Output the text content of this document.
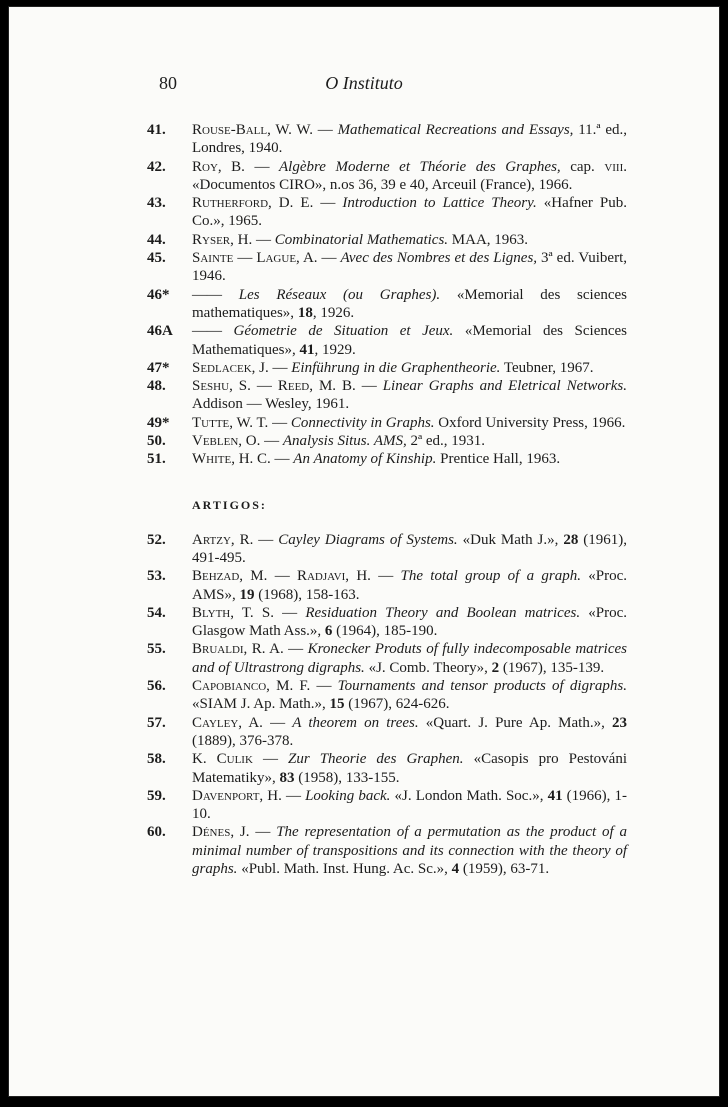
80	O Instituto
41.	Rouse-Ball, W. W. — Mathematical Recreations and Essays, 11.ª ed., Londres, 1940.
42.	Roy, B. — Algèbre Moderne et Théorie des Graphes, cap. viii. «Documentos CIRO», n.os 36, 39 e 40, Arceuil (France), 1966.
43.	Rutherford, D. E. — Introduction to Lattice Theory. «Hafner Pub. Co.», 1965.
44.	Ryser, H. — Combinatorial Mathematics. MAA, 1963.
45.	Sainte — Lague, A. — Avec des Nombres et des Lignes, 3ª ed. Vuibert, 1946.
46*	—— Les Réseaux (ou Graphes). «Memorial des sciences mathematiques», 18, 1926.
46A	—— Géometrie de Situation et Jeux. «Memorial des Sciences Mathematiques», 41, 1929.
47*	Sedlacek, J. — Einführung in die Graphentheorie. Teubner, 1967.
48.	Seshu, S. — Reed, M. B. — Linear Graphs and Eletrical Networks. Addison — Wesley, 1961.
49*	Tutte, W. T. — Connectivity in Graphs. Oxford University Press, 1966.
50.	Veblen, O. — Analysis Situs. AMS, 2ª ed., 1931.
51.	White, H. C. — An Anatomy of Kinship. Prentice Hall, 1963.
ARTIGOS:
52.	Artzy, R. — Cayley Diagrams of Systems. «Duk Math J.», 28 (1961), 491-495.
53.	Behzad, M. — Radjavi, H. — The total group of a graph. «Proc. AMS», 19 (1968), 158-163.
54.	Blyth, T. S. — Residuation Theory and Boolean matrices. «Proc. Glasgow Math Ass.», 6 (1964), 185-190.
55.	Brualdi, R. A. — Kronecker Produts of fully indecomposable matrices and of Ultrastrong digraphs. «J. Comb. Theory», 2 (1967), 135-139.
56.	Capobianco, M. F. — Tournaments and tensor products of digraphs. «SIAM J. Ap. Math.», 15 (1967), 624-626.
57.	Cayley, A. — A theorem on trees. «Quart. J. Pure Ap. Math.», 23 (1889), 376-378.
58.	K. Culik — Zur Theorie des Graphen. «Casopis pro Pestováni Matematiky», 83 (1958), 133-155.
59.	Davenport, H. — Looking back. «J. London Math. Soc.», 41 (1966), 1-10.
60.	Dénes, J. — The representation of a permutation as the product of a minimal number of transpositions and its connection with the theory of graphs. «Publ. Math. Inst. Hung. Ac. Sc.», 4 (1959), 63-71.
